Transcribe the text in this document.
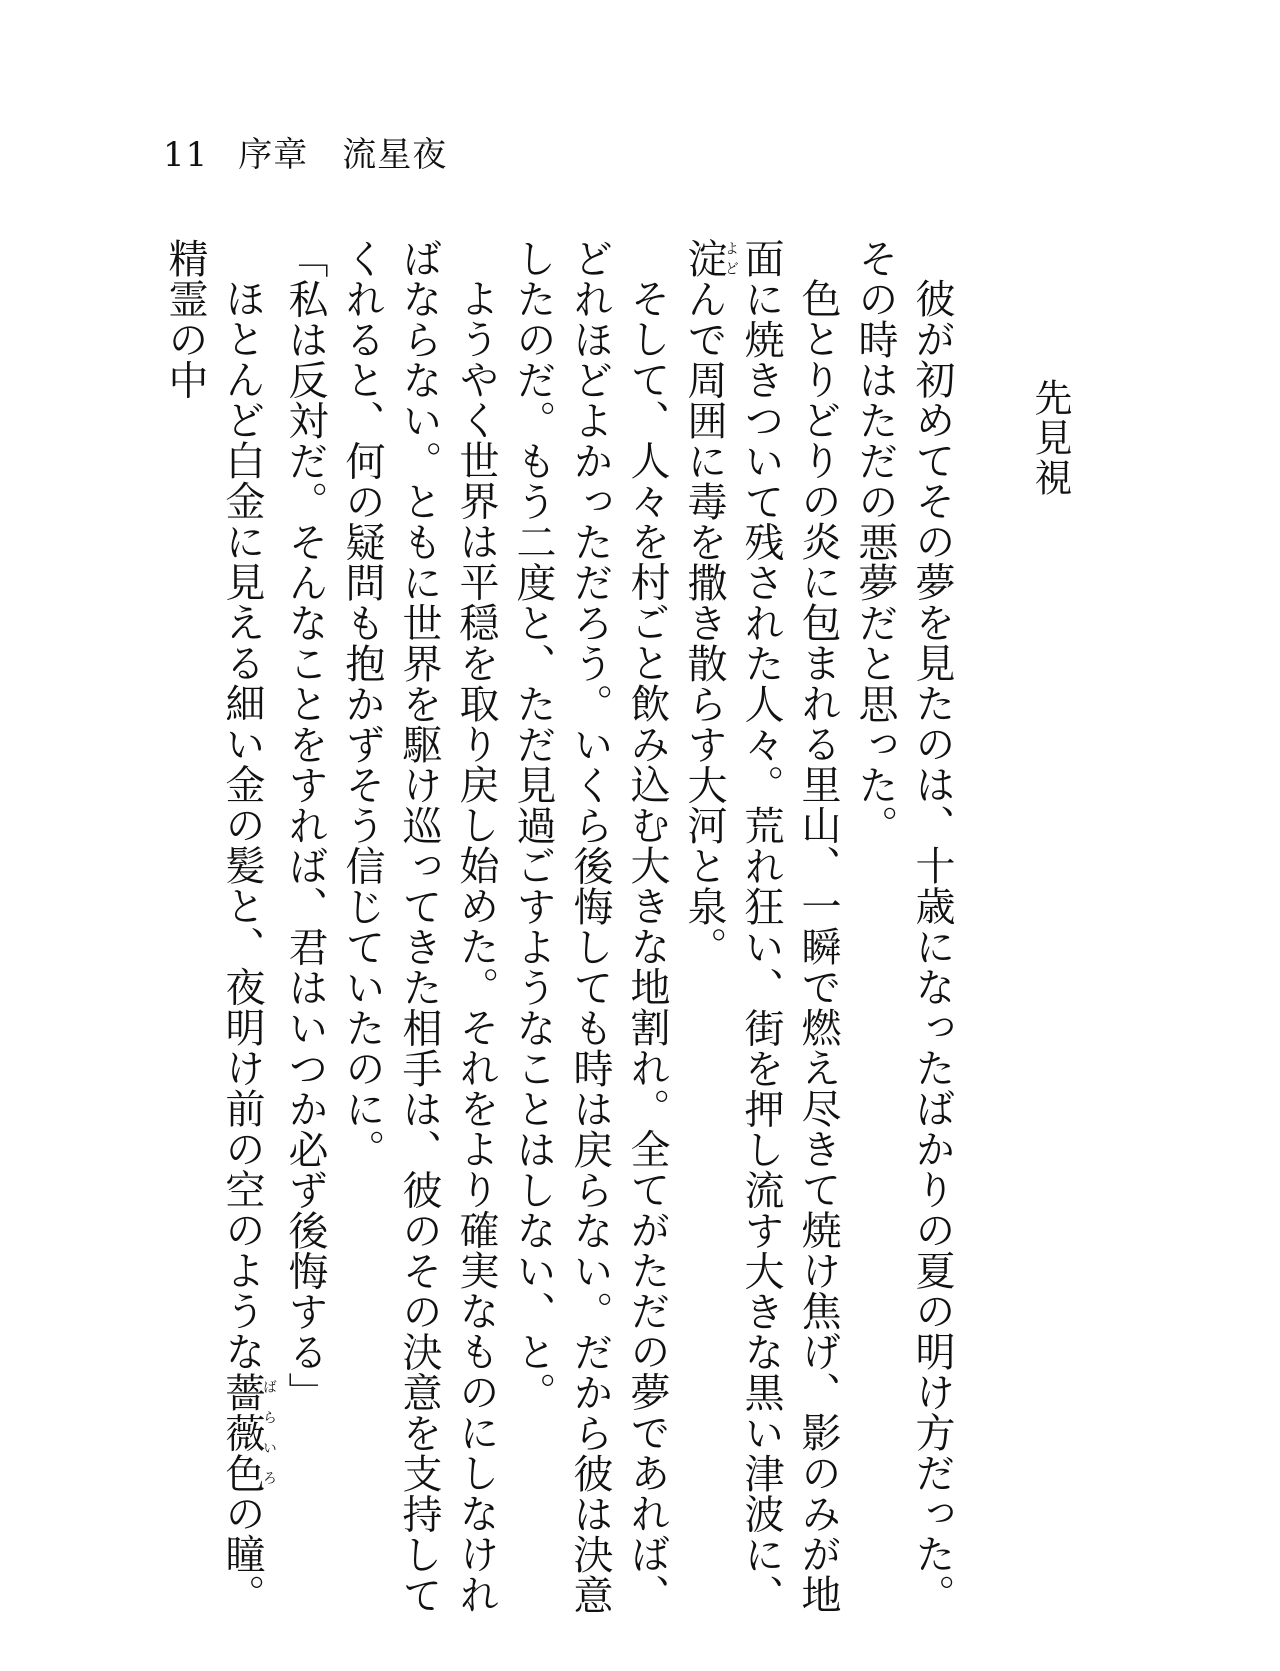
11 序章 流星夜
先見視

彼が初めてその夢を見たのは、十歳になったばかりの夏の明け方だった。その時はただの悪夢だと思った。

色とりどりの炎に包まれる里山、一瞬で燃え尽きて焼け焦げ、影のみが地面に焼きついて残された人々。荒れ狂い、街を押し流す大きな黒い津波に、淀よどんで周囲に毒を撒き散らす大河と泉。

そして、人々を村ごと飲み込む大きな地割れ。全てがただの夢であれば、どれほどよかっただろう。いくら後悔しても時は戻らない。だから彼は決意したのだ。もう二度と、ただ見過ごすようなことはしない、と。

ようやく世界は平穏を取り戻し始めた。それをより確実なものにしなければならない。ともに世界を駆け巡ってきた相手は、彼のその決意を支持してくれると、何の疑問も抱かずそう信じていたのに。

「私は反対だ。そんなことをすれば、君はいつか必ず後悔する」

ほとんど白金に見える細い金の髪と、夜明け前の空のような薔薇色ばらいろの瞳。精霊の中
